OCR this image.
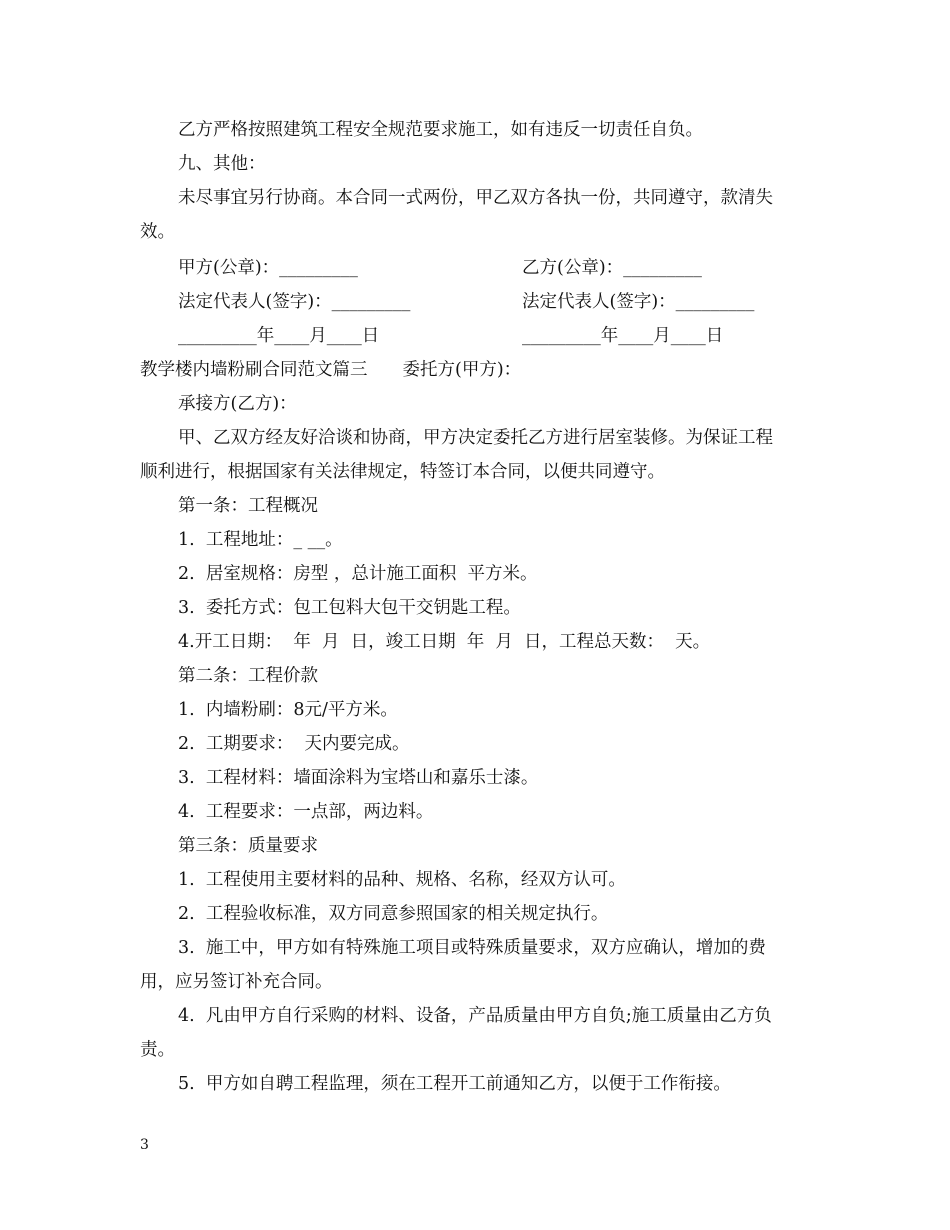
乙方严格按照建筑工程安全规范要求施工，如有违反一切责任自负。

九、其他：

未尽事宜另行协商。本合同一式两份，甲乙双方各执一份，共同遵守，款清失

效。

甲方(公章)：_________	乙方(公章)：_________

法定代表人(签字)：_________	法定代表人(签字)：_________

_________年____月____日	_________年____月____日

教学楼内墙粉刷合同范文篇三　　委托方(甲方)：

承接方(乙方)：

甲、乙双方经友好洽谈和协商，甲方决定委托乙方进行居室装修。为保证工程

顺利进行，根据国家有关法律规定，特签订本合同，以便共同遵守。

第一条：工程概况

1.  工程地址：_ __。

2.  居室规格：房型 ，总计施工面积  平方米。

3.  委托方式：包工包料大包干交钥匙工程。

4.开工日期：  年  月  日，竣工日期  年  月  日，工程总天数：  天。

第二条：工程价款

1.  内墙粉刷：8元/平方米。

2.  工期要求：  天内要完成。

3.  工程材料：墙面涂料为宝塔山和嘉乐士漆。

4.  工程要求：一点部，两边料。

第三条：质量要求

1.  工程使用主要材料的品种、规格、名称，经双方认可。

2.  工程验收标准，双方同意参照国家的相关规定执行。

3.  施工中，甲方如有特殊施工项目或特殊质量要求，双方应确认，增加的费

用，应另签订补充合同。

4.  凡由甲方自行采购的材料、设备，产品质量由甲方自负;施工质量由乙方负

责。

5.  甲方如自聘工程监理，须在工程开工前通知乙方，以便于工作衔接。

3
